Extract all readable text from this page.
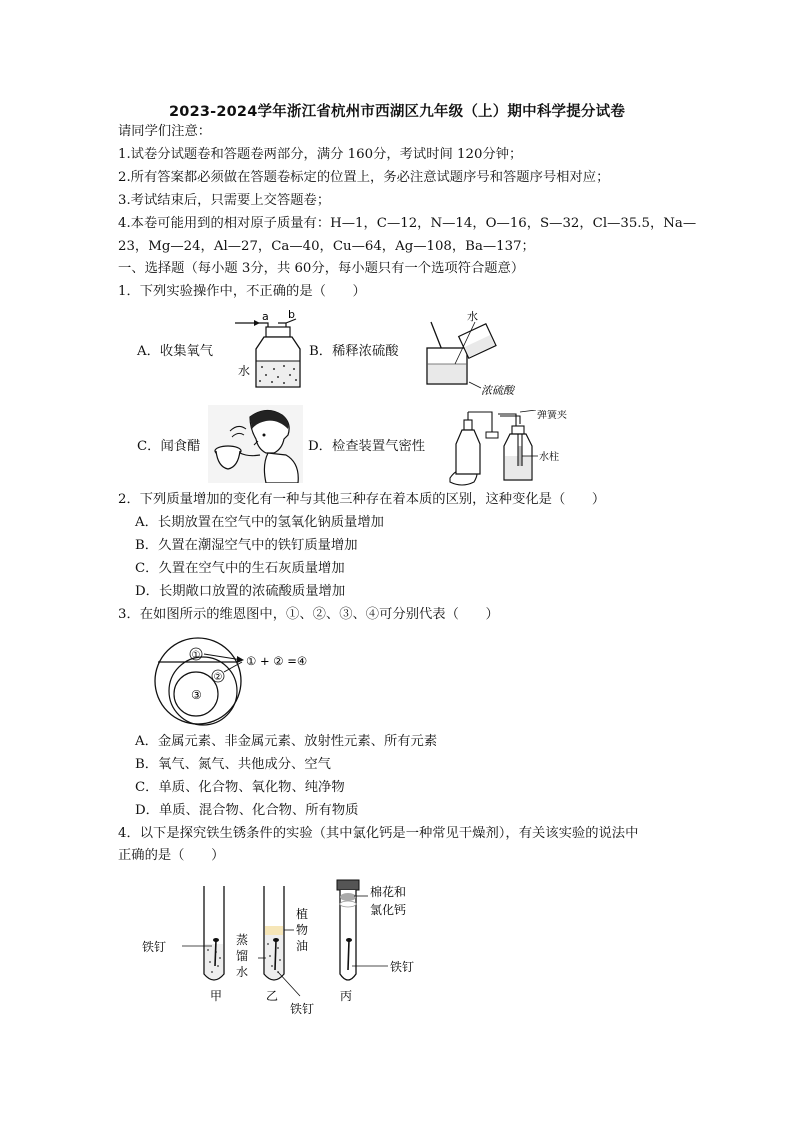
2023-2024学年浙江省杭州市西湖区九年级（上）期中科学提分试卷
请同学们注意：
1.试卷分试题卷和答题卷两部分，满分 160分，考试时间 120分钟；
2.所有答案都必须做在答题卷标定的位置上，务必注意试题序号和答题序号相对应；
3.考试结束后，只需要上交答题卷；
4.本卷可能用到的相对原子质量有：H—1，C—12，N—14，O—16，S—32，Cl—35.5，Na—
23，Mg—24，Al—27，Ca—40，Cu—64，Ag—108，Ba—137；
一、选择题（每小题 3分，共 60分，每小题只有一个选项符合题意）
1．下列实验操作中，不正确的是（　　）
A．收集氧气	B．稀释浓硫酸
C．闻食醋	D．检查装置气密性
a b
水
水
浓硫酸
弹簧夹
水柱
2．下列质量增加的变化有一种与其他三种存在着本质的区别，这种变化是（　　）
A．长期放置在空气中的氢氧化钠质量增加
B．久置在潮湿空气中的铁钉质量增加
C．久置在空气中的生石灰质量增加
D．长期敞口放置的浓硫酸质量增加
3．在如图所示的维恩图中，①、②、③、④可分别代表（　　）
①
②
③
① + ② =④
A．金属元素、非金属元素、放射性元素、所有元素
B．氧气、氮气、共他成分、空气
C．单质、化合物、氧化物、纯净物
D．单质、混合物、化合物、所有物质
4．以下是探究铁生锈条件的实验（其中氯化钙是一种常见干燥剂），有关该实验的说法中
正确的是（　　）
铁钉
甲
蒸
馏
水
植
物
油
铁钉
乙
棉花和
氯化钙
铁钉
丙
